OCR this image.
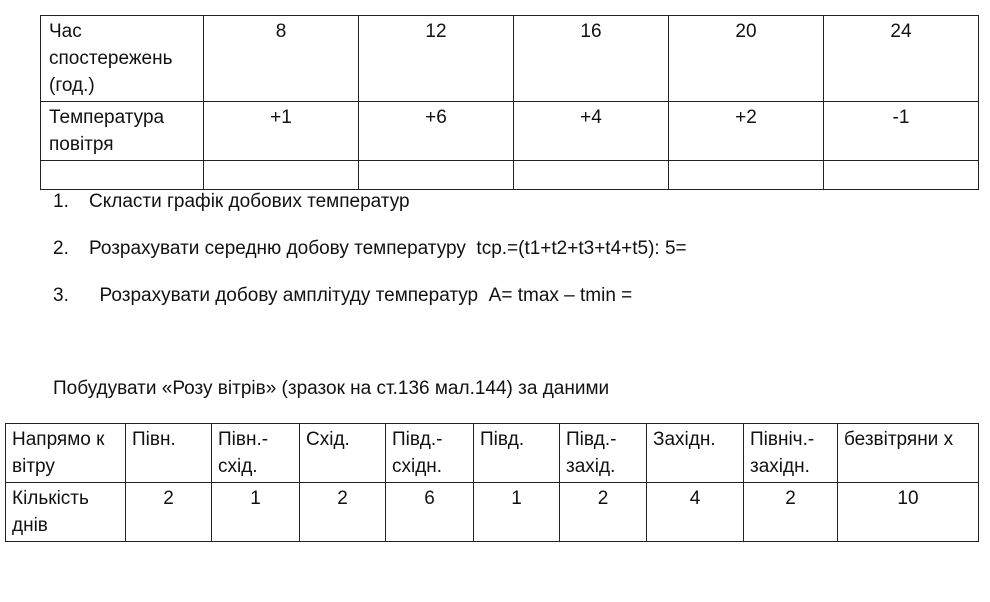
Час спостережень (год.)	8	12	16	20	24
Температура повітря	+1	+6	+4	+2	-1

1. Скласти графік добових температур
2. Розрахувати середню добову температуру  tср.=(t1+t2+t3+t4+t5): 5=
3.  Розрахувати добову амплітуду температур  A= tmax – tmin =
Побудувати «Розу вітрів» (зразок на ст.136 мал.144) за даними
Напрямо к вітру	Півн.	Півн.- схід.	Схід.	Півд.- східн.	Півд.	Півд.- захід.	Західн.	Півнiч.- західн.	безвітряни х
Кількість днів	2	1	2	6	1	2	4	2	10
